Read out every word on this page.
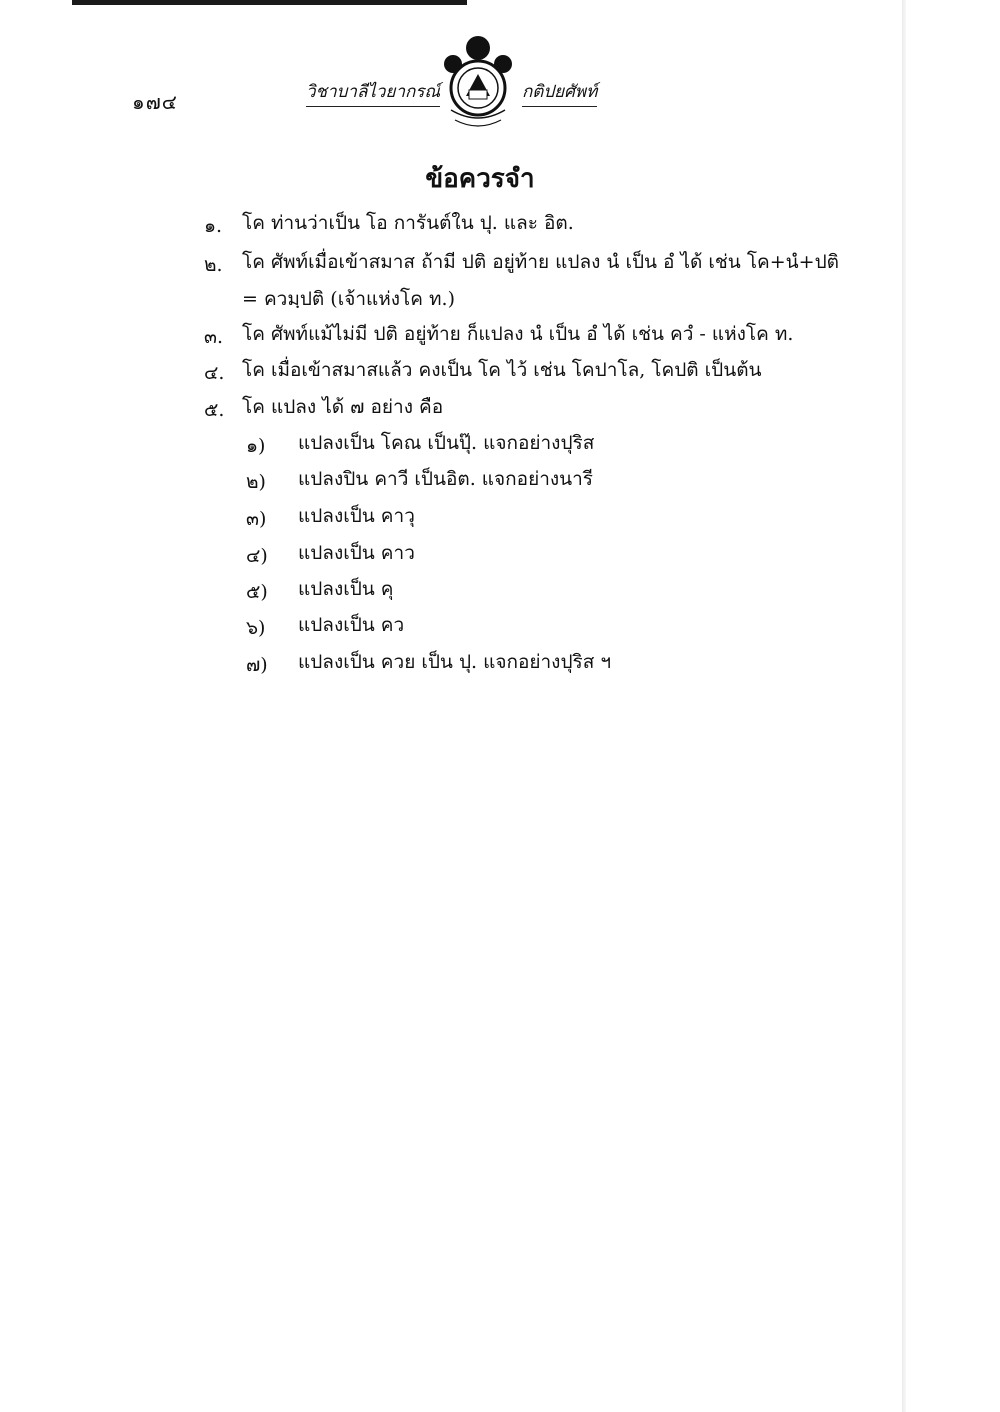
๑๗๔	วิชาบาลีไวยากรณ์	กติปยศัพท์
ข้อควรจำ
๑. โค ท่านว่าเป็น โอ การันต์ใน ปุ. และ อิต.
๒. โค ศัพท์เมื่อเข้าสมาส ถ้ามี ปติ อยู่ท้าย แปลง นํ เป็น อํ ได้ เช่น โค+นํ+ปติ
= ควมฺปติ (เจ้าแห่งโค ท.)
๓. โค ศัพท์แม้ไม่มี ปติ อยู่ท้าย ก็แปลง นํ เป็น อํ ได้ เช่น ควํ - แห่งโค ท.
๔. โค เมื่อเข้าสมาสแล้ว คงเป็น โค ไว้ เช่น โคปาโล, โคปติ เป็นต้น
๕. โค แปลง ได้ ๗ อย่าง คือ
๑) แปลงเป็น โคณ เป็นปุ๊. แจกอย่างปุริส
๒) แปลงปิน คาวี เป็นอิต. แจกอย่างนารี
๓) แปลงเป็น คาวุ
๔) แปลงเป็น คาว
๕) แปลงเป็น คุ
๖) แปลงเป็น คว
๗) แปลงเป็น ควย เป็น ปุ. แจกอย่างปุริส ฯ
